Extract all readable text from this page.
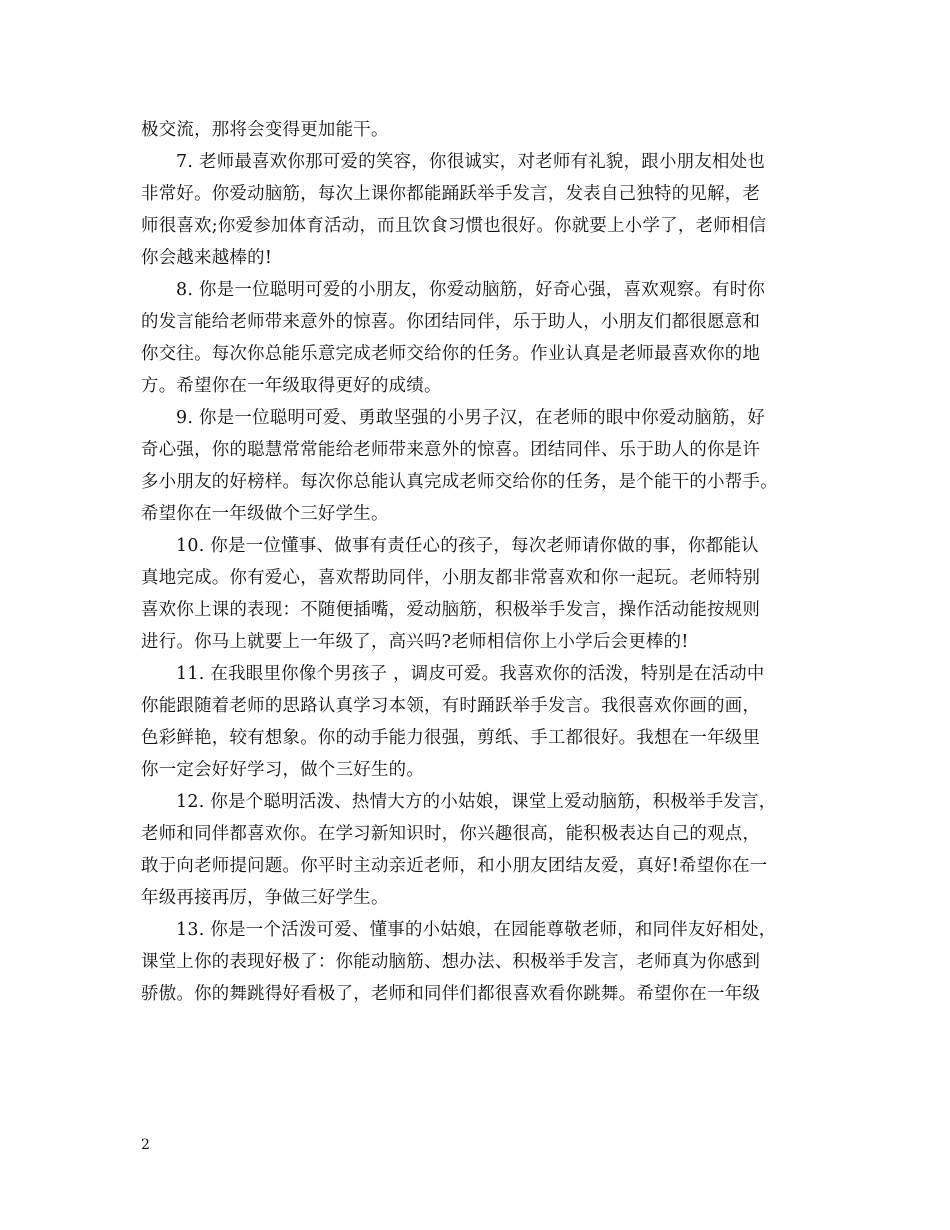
极交流，那将会变得更加能干。
7. 老师最喜欢你那可爱的笑容，你很诚实，对老师有礼貌，跟小朋友相处也
非常好。你爱动脑筋，每次上课你都能踊跃举手发言，发表自己独特的见解，老
师很喜欢;你爱参加体育活动，而且饮食习惯也很好。你就要上小学了，老师相信
你会越来越棒的!
8. 你是一位聪明可爱的小朋友，你爱动脑筋，好奇心强，喜欢观察。有时你
的发言能给老师带来意外的惊喜。你团结同伴，乐于助人，小朋友们都很愿意和
你交往。每次你总能乐意完成老师交给你的任务。作业认真是老师最喜欢你的地
方。希望你在一年级取得更好的成绩。
9. 你是一位聪明可爱、勇敢坚强的小男子汉，在老师的眼中你爱动脑筋，好
奇心强，你的聪慧常常能给老师带来意外的惊喜。团结同伴、乐于助人的你是许
多小朋友的好榜样。每次你总能认真完成老师交给你的任务，是个能干的小帮手。
希望你在一年级做个三好学生。
10. 你是一位懂事、做事有责任心的孩子，每次老师请你做的事，你都能认
真地完成。你有爱心，喜欢帮助同伴，小朋友都非常喜欢和你一起玩。老师特别
喜欢你上课的表现：不随便插嘴，爱动脑筋，积极举手发言，操作活动能按规则
进行。你马上就要上一年级了，高兴吗?老师相信你上小学后会更棒的!
11. 在我眼里你像个男孩子 ，调皮可爱。我喜欢你的活泼，特别是在活动中
你能跟随着老师的思路认真学习本领，有时踊跃举手发言。我很喜欢你画的画，
色彩鲜艳，较有想象。你的动手能力很强，剪纸、手工都很好。我想在一年级里
你一定会好好学习，做个三好生的。
12. 你是个聪明活泼、热情大方的小姑娘，课堂上爱动脑筋，积极举手发言，
老师和同伴都喜欢你。在学习新知识时，你兴趣很高，能积极表达自己的观点，
敢于向老师提问题。你平时主动亲近老师，和小朋友团结友爱，真好!希望你在一
年级再接再厉，争做三好学生。
13. 你是一个活泼可爱、懂事的小姑娘，在园能尊敬老师，和同伴友好相处，
课堂上你的表现好极了：你能动脑筋、想办法、积极举手发言，老师真为你感到
骄傲。你的舞跳得好看极了，老师和同伴们都很喜欢看你跳舞。希望你在一年级
2
